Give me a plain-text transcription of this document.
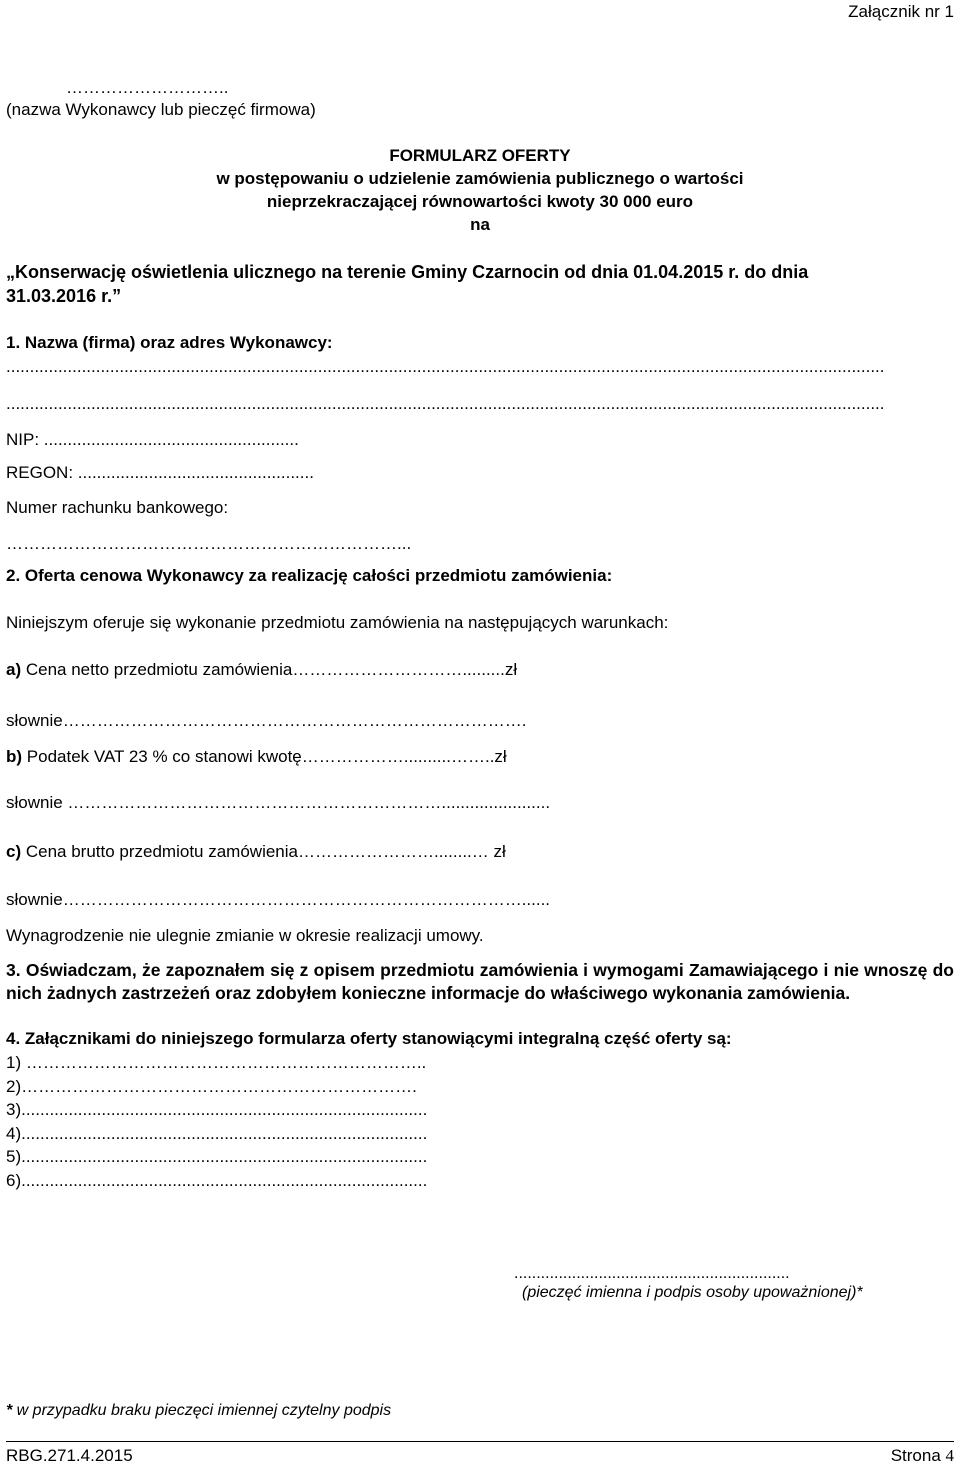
Załącznik nr 1
………………………..
(nazwa Wykonawcy lub pieczęć firmowa)
FORMULARZ OFERTY
w postępowaniu o udzielenie zamówienia publicznego o wartości
nieprzekraczającej równowartości kwoty 30 000 euro
na
„Konserwację oświetlenia ulicznego na terenie Gminy Czarnocin od dnia 01.04.2015 r. do dnia
31.03.2016 r.”
1. Nazwa (firma) oraz adres Wykonawcy:
..........................................................................................................................................................................................
..........................................................................................................................................................................................
NIP: ......................................................
REGON: ..................................................
Numer rachunku bankowego:
……………………………………………………………...
2. Oferta cenowa Wykonawcy za realizację całości przedmiotu zamówienia:
Niniejszym oferuje się wykonanie przedmiotu zamówienia na następujących warunkach:
a) Cena netto przedmiotu zamówienia………………………….........zł
słownie……………………………………………………………………….
b) Podatek VAT 23 % co stanowi kwotę………………..........……..zł
słownie ………………………………………………………….......................
c) Cena brutto przedmiotu zamówienia……………………........… zł
słownie………………………………………………………………………......
Wynagrodzenie nie ulegnie zmianie w okresie realizacji umowy.
3. Oświadczam, że zapoznałem się z opisem przedmiotu zamówienia i wymogami Zamawiającego i nie wnoszę do nich żadnych zastrzeżeń oraz zdobyłem konieczne informacje do właściwego wykonania zamówienia.
4. Załącznikami do niniejszego formularza oferty stanowiącymi integralną część oferty są:
1) ……………………………………………………………..
2)…………………………………………………………….
3)......................................................................................
4)......................................................................................
5)......................................................................................
6)......................................................................................
..............................................................
(pieczęć imienna i podpis osoby upoważnionej)*
* w przypadku braku pieczęci imiennej czytelny podpis
RBG.271.4.2015	Strona 4
